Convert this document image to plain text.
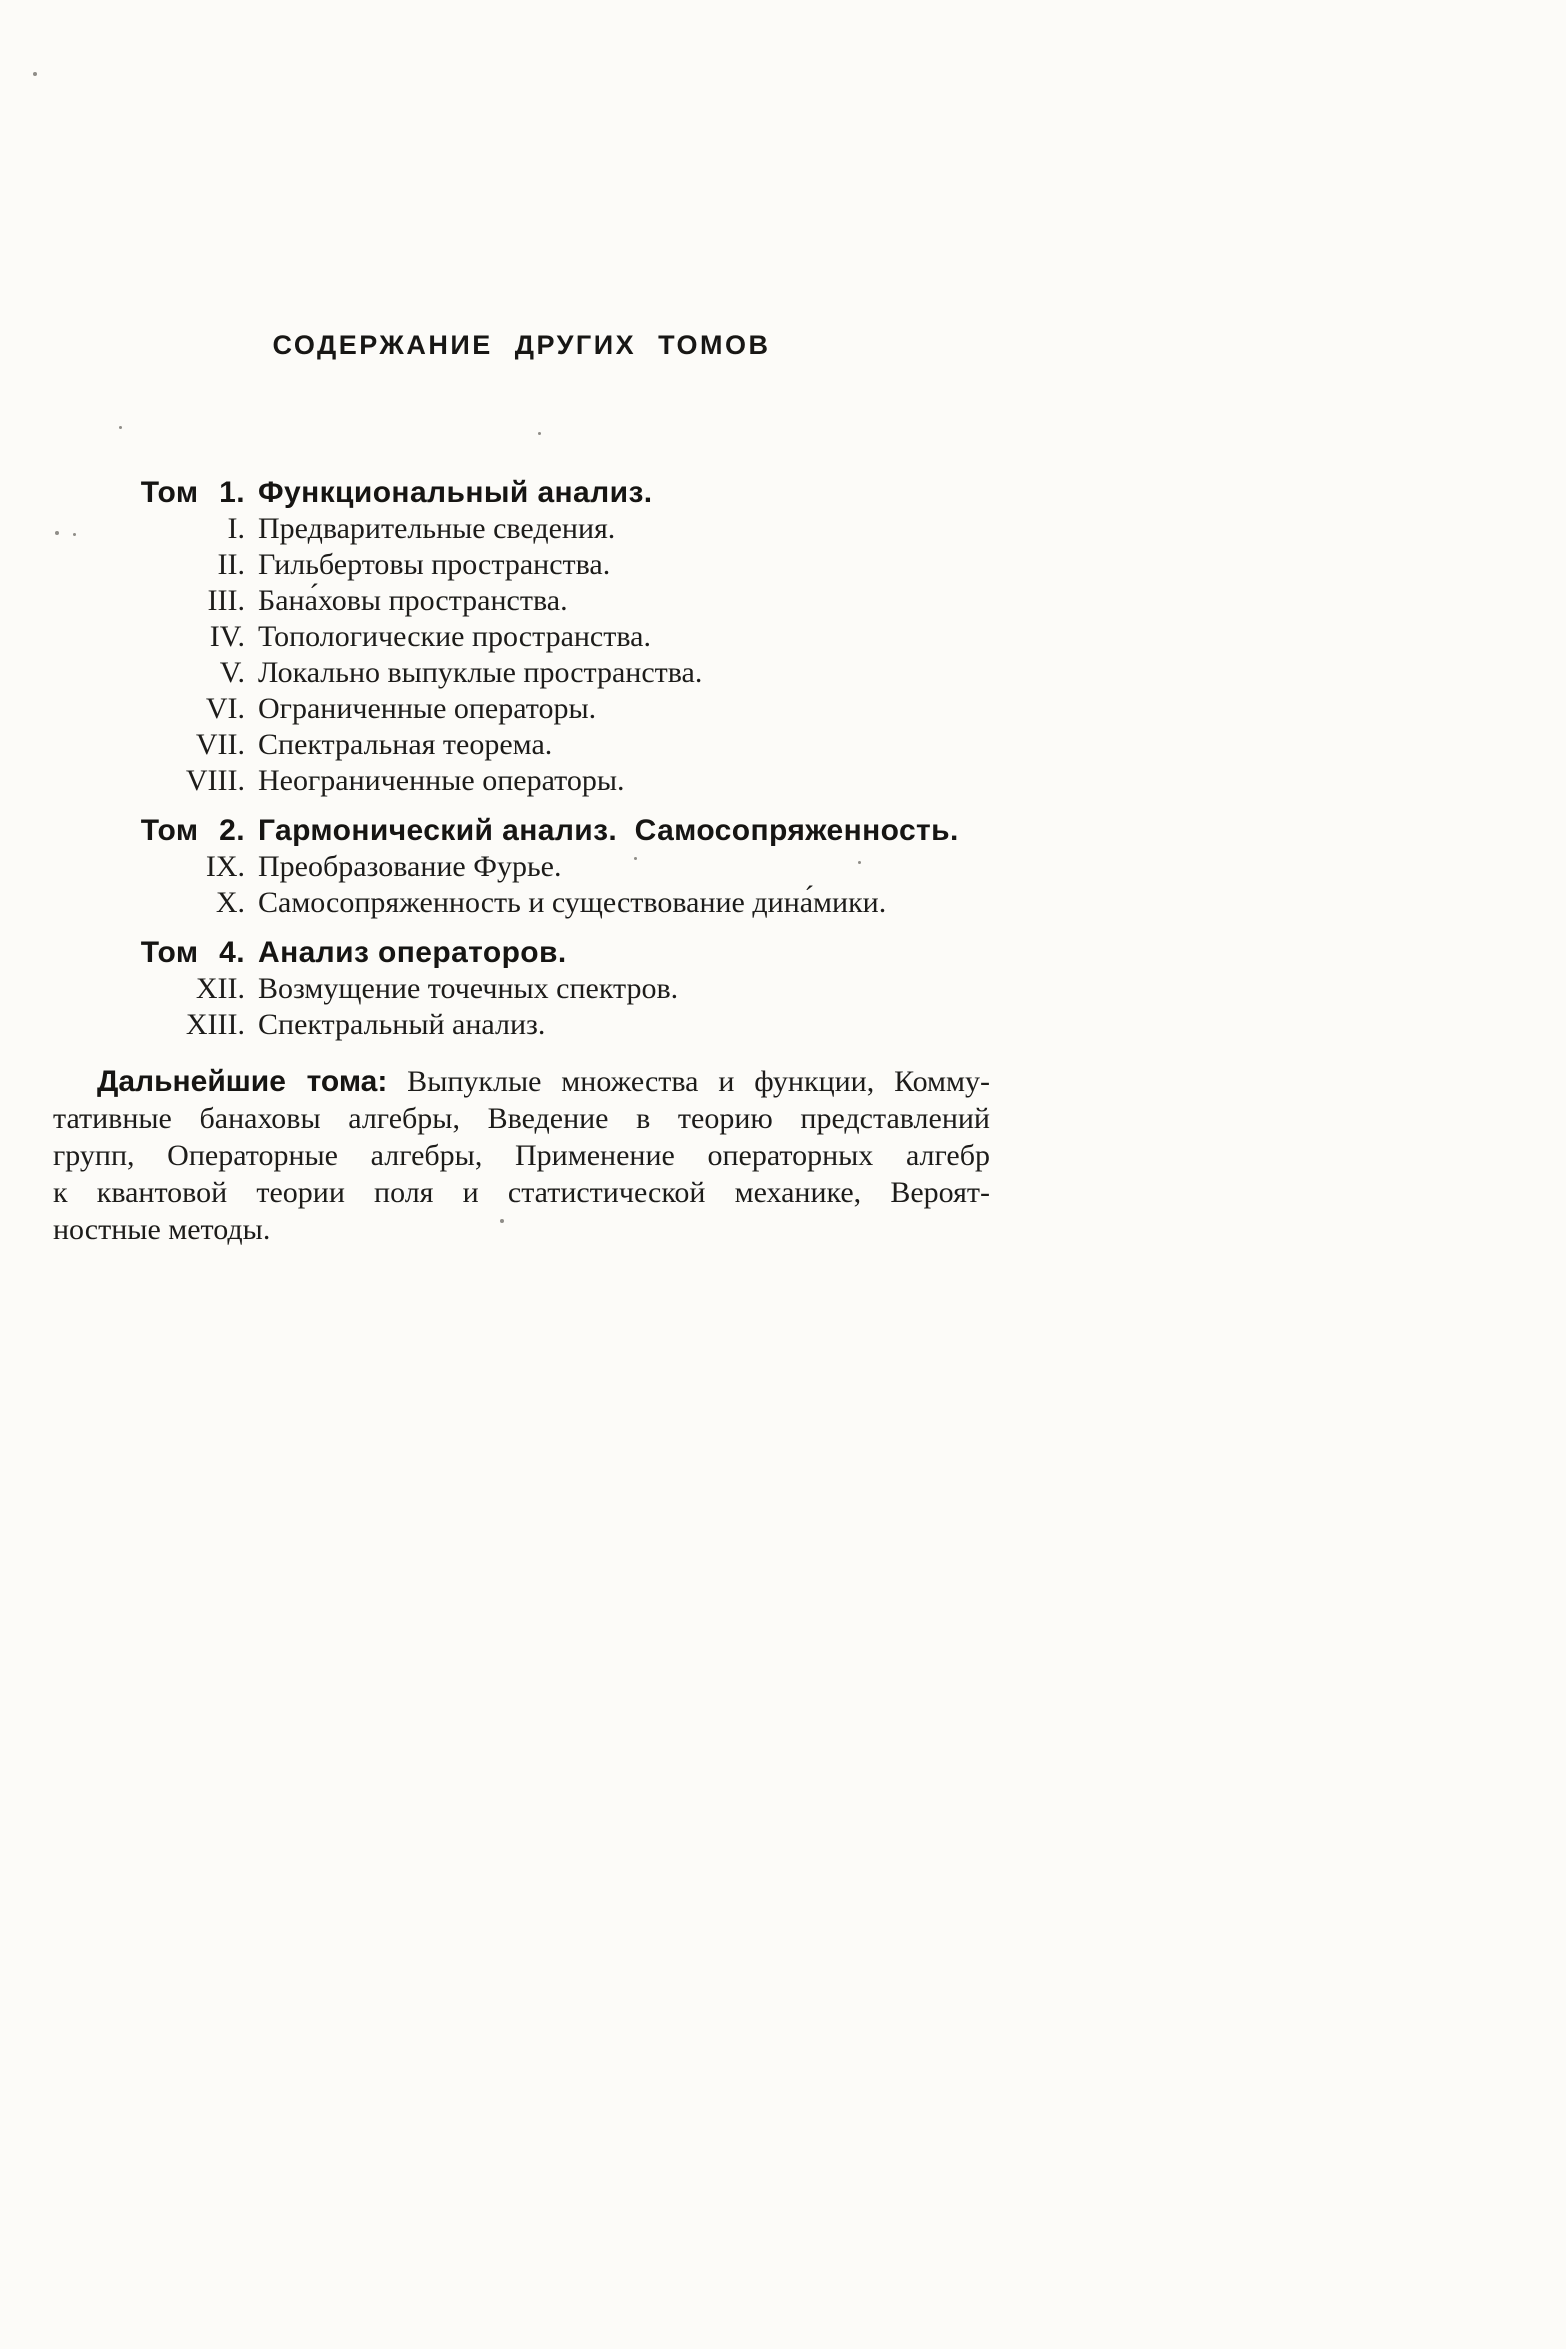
СОДЕРЖАНИЕ ДРУГИХ ТОМОВ
Том 1. Функциональный анализ.
I. Предварительные сведения.
II. Гильбертовы пространства.
III. Бана́ховы пространства.
IV. Топологические пространства.
V. Локально выпуклые пространства.
VI. Ограниченные операторы.
VII. Спектральная теорема.
VIII. Неограниченные операторы.
Том 2. Гармонический анализ.  Самосопряженность.
IX. Преобразование Фурье.
X. Самосопряженность и существование дина́мики.
Том 4. Анализ операторов.
XII. Возмущение точечных спектров.
XIII. Спектральный анализ.
Дальнейшие тома: Выпуклые множества и функции, Комму-
тативные банаховы алгебры, Введение в теорию представлений
групп, Операторные алгебры, Применение операторных алгебр
к квантовой теории поля и статистической механике, Вероят-
ностные методы.
